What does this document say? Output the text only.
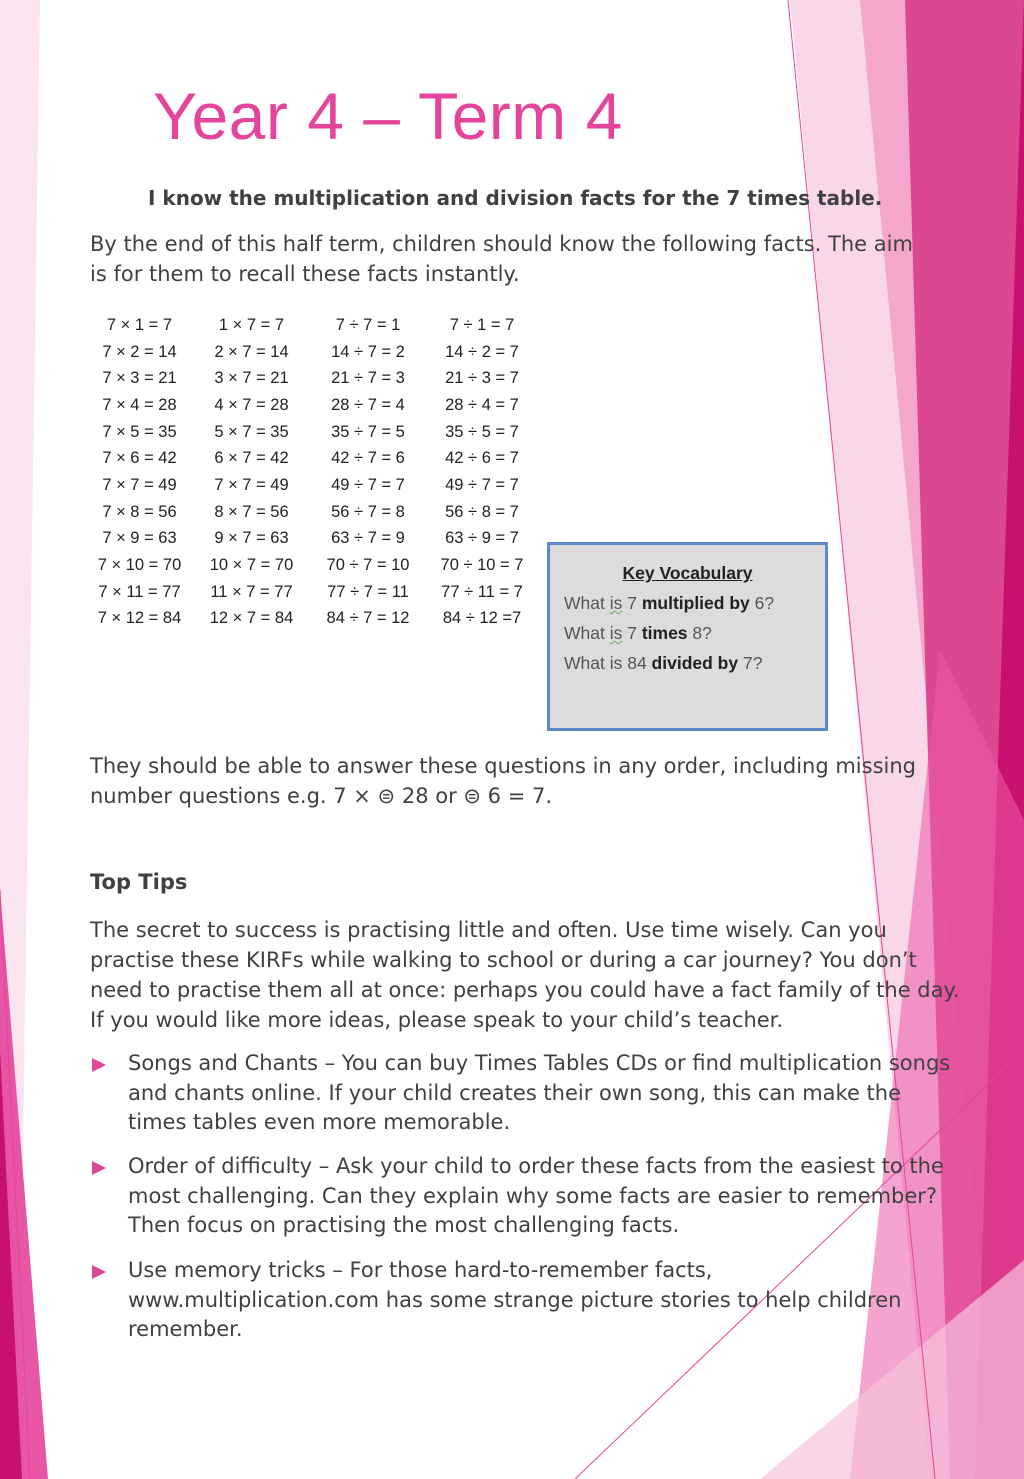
Year 4 – Term 4
I know the multiplication and division facts for the 7 times table.
By the end of this half term, children should know the following facts. The aim is for them to recall these facts instantly.
7 × 1 = 7	1 × 7 = 7	7 ÷ 7 = 1	7 ÷ 1 = 7
7 × 2 = 14	2 × 7 = 14	14 ÷ 7 = 2	14 ÷ 2 = 7
7 × 3 = 21	3 × 7 = 21	21 ÷ 7 = 3	21 ÷ 3 = 7
7 × 4 = 28	4 × 7 = 28	28 ÷ 7 = 4	28 ÷ 4 = 7
7 × 5 = 35	5 × 7 = 35	35 ÷ 7 = 5	35 ÷ 5 = 7
7 × 6 = 42	6 × 7 = 42	42 ÷ 7 = 6	42 ÷ 6 = 7
7 × 7 = 49	7 × 7 = 49	49 ÷ 7 = 7	49 ÷ 7 = 7
7 × 8 = 56	8 × 7 = 56	56 ÷ 7 = 8	56 ÷ 8 = 7
7 × 9 = 63	9 × 7 = 63	63 ÷ 7 = 9	63 ÷ 9 = 7
7 × 10 = 70	10 × 7 = 70	70 ÷ 7 = 10	70 ÷ 10 = 7
7 × 11 = 77	11 × 7 = 77	77 ÷ 7 = 11	77 ÷ 11 = 7
7 × 12 = 84	12 × 7 = 84	84 ÷ 7 = 12	84 ÷ 12 =7
Key Vocabulary
What is 7 multiplied by 6?
What is 7 times 8?
What is 84 divided by 7?
They should be able to answer these questions in any order, including missing number questions e.g. 7 × ⊜ 28 or ⊜ 6 = 7.
Top Tips
The secret to success is practising little and often. Use time wisely. Can you practise these KIRFs while walking to school or during a car journey? You don’t need to practise them all at once: perhaps you could have a fact family of the day. If you would like more ideas, please speak to your child’s teacher.
Songs and Chants – You can buy Times Tables CDs or find multiplication songs and chants online. If your child creates their own song, this can make the times tables even more memorable.
Order of difficulty – Ask your child to order these facts from the easiest to the most challenging. Can they explain why some facts are easier to remember? Then focus on practising the most challenging facts.
Use memory tricks – For those hard-to-remember facts, www.multiplication.com has some strange picture stories to help children remember.
